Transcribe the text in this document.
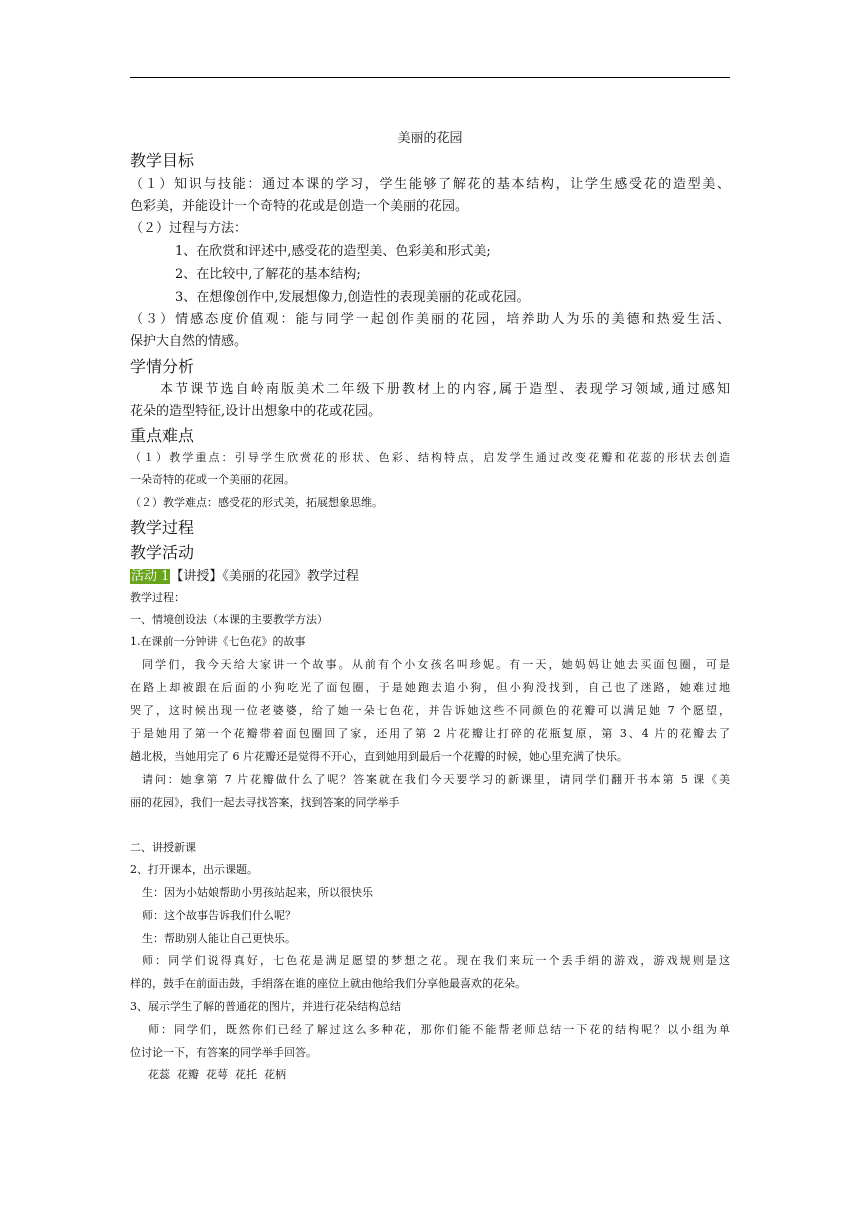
美丽的花园
教学目标
（１）知识与技能：通过本课的学习，学生能够了解花的基本结构，让学生感受花的造型美、
色彩美，并能设计一个奇特的花或是创造一个美丽的花园。
（２）过程与方法：
1、在欣赏和评述中,感受花的造型美、色彩美和形式美;
2、在比较中,了解花的基本结构;
3、在想像创作中,发展想像力,创造性的表现美丽的花或花园。
（３）情感态度价值观：能与同学一起创作美丽的花园，培养助人为乐的美德和热爱生活、
保护大自然的情感。
学情分析
本节课节选自岭南版美术二年级下册教材上的内容,属于造型、表现学习领域,通过感知
花朵的造型特征,设计出想象中的花或花园。
重点难点
（１）教学重点：引导学生欣赏花的形状、色彩、结构特点，启发学生通过改变花瓣和花蕊的形状去创造
一朵奇特的花或一个美丽的花园。
（２）教学难点：感受花的形式美，拓展想象思维。
教学过程
教学活动
活动 1【讲授】《美丽的花园》教学过程
教学过程：
一、情境创设法（本课的主要教学方法）
1.在课前一分钟讲《七色花》的故事
同学们，我今天给大家讲一个故事。从前有个小女孩名叫珍妮。有一天，她妈妈让她去买面包圈，可是
在路上却被跟在后面的小狗吃光了面包圈，于是她跑去追小狗，但小狗没找到，自己也了迷路，她难过地
哭了，这时候出现一位老婆婆，给了她一朵七色花，并告诉她这些不同颜色的花瓣可以满足她 7 个愿望，
于是她用了第一个花瓣带着面包圈回了家，还用了第 2 片花瓣让打碎的花瓶复原，第 3、4 片的花瓣去了
趟北极，当她用完了 6 片花瓣还是觉得不开心，直到她用到最后一个花瓣的时候，她心里充满了快乐。
请问：她拿第 7 片花瓣做什么了呢？答案就在我们今天要学习的新课里，请同学们翻开书本第 5 课《美
丽的花园》，我们一起去寻找答案，找到答案的同学举手
二、讲授新课
2、打开课本，出示课题。
生：因为小姑娘帮助小男孩站起来，所以很快乐
师：这个故事告诉我们什么呢？
生：帮助别人能让自己更快乐。
师：同学们说得真好，七色花是满足愿望的梦想之花。现在我们来玩一个丢手绢的游戏，游戏规则是这
样的，鼓手在前面击鼓，手绢落在谁的座位上就由他给我们分享他最喜欢的花朵。
3、展示学生了解的普通花的图片，并进行花朵结构总结
师：同学们，既然你们已经了解过这么多种花，那你们能不能帮老师总结一下花的结构呢？以小组为单
位讨论一下，有答案的同学举手回答。
花蕊  花瓣  花萼  花托  花柄
